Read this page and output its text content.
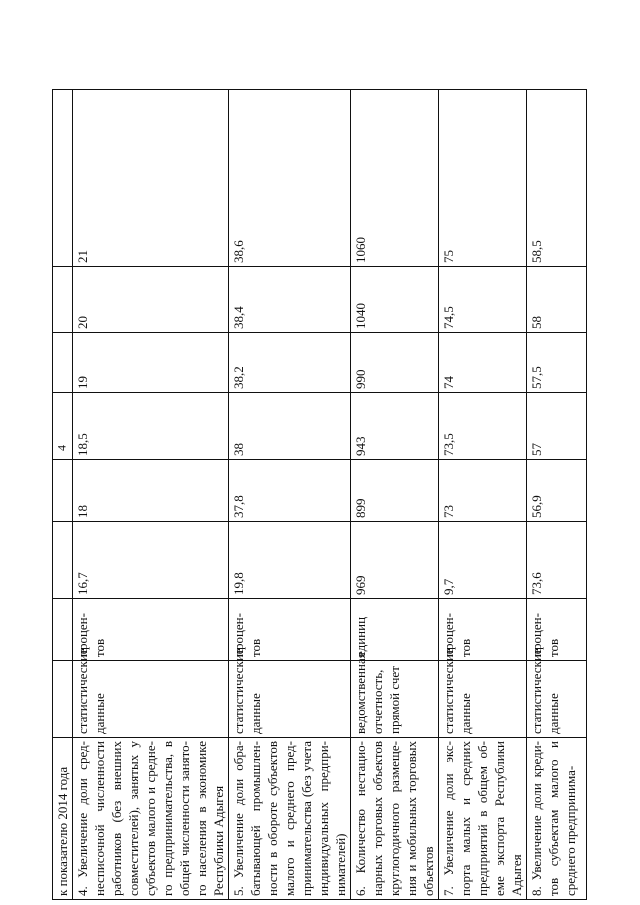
4
к показателю 2014 года								
4. Увеличение доли сред-несписочной численности работников (без внешних совместителей), занятых у субъектов малого и средне-го предпринимательства, в общей численности занято-го населения в экономике Республики Адыгея	статистические данные	процен-тов	16,7	18	18,5	19	20	21
5. Увеличение доли обра-батывающей промышлен-ности в обороте субъектов малого и среднего пред-принимательства (без учета индивидуальных предпри-нимателей)	статистические данные	процен-тов	19,8	37,8	38	38,2	38,4	38,6
6. Количество нестацио-нарных торговых объектов круглогодичного размеще-ния и мобильных торговых объектов	ведомственная отчетность, прямой счет	единиц	969	899	943	990	1040	1060
7. Увеличение доли экс-порта малых и средних предприятий в общем об-еме экспорта Республики Адыгея	статистические данные	процен-тов	9,7	73	73,5	74	74,5	75
8. Увеличение доли креди-тов субъектам малого и среднего предпринима-	статистические данные	процен-тов	73,6	56,9	57	57,5	58	58,5
